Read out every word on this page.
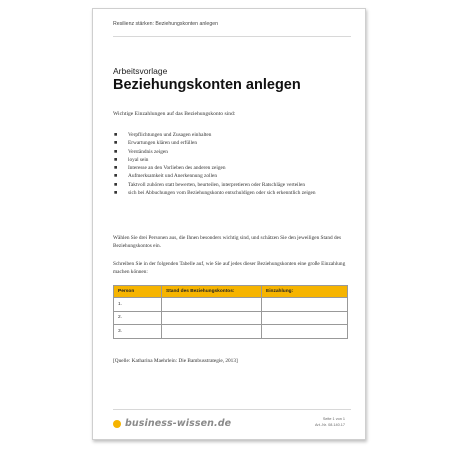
Resilienz stärken: Beziehungskonten anlegen
Arbeitsvorlage
Beziehungskonten anlegen
Wichtige Einzahlungen auf das Beziehungskonto sind:
■ Verpflichtungen und Zusagen einhalten
■ Erwartungen klären und erfüllen
■ Verständnis zeigen
■ loyal sein
■ Interesse an den Vorlieben des anderen zeigen
■ Aufmerksamkeit und Anerkennung zollen
■ Taktvoll zuhören statt bewerten, beurteilen, interpretieren oder Ratschläge verteilen
■ sich bei Abbuchungen vom Beziehungskonto entschuldigen oder sich erkenntlich zeigen
Wählen Sie drei Personen aus, die Ihnen besonders wichtig sind, und schätzen Sie den jeweiligen Stand des Beziehungskontos ein.
Schreiben Sie in der folgenden Tabelle auf, wie Sie auf jedes dieser Beziehungskonten eine große Einzahlung machen können:
Person	Stand des Beziehungskontos:	Einzahlung:
1.		
2.		
3.		
[Quelle: Katharina Maehrlein: Die Bambusstrategie, 2013]
business-wissen.de	Seite 1 von 1
Art.-Nr. 08.140.17
